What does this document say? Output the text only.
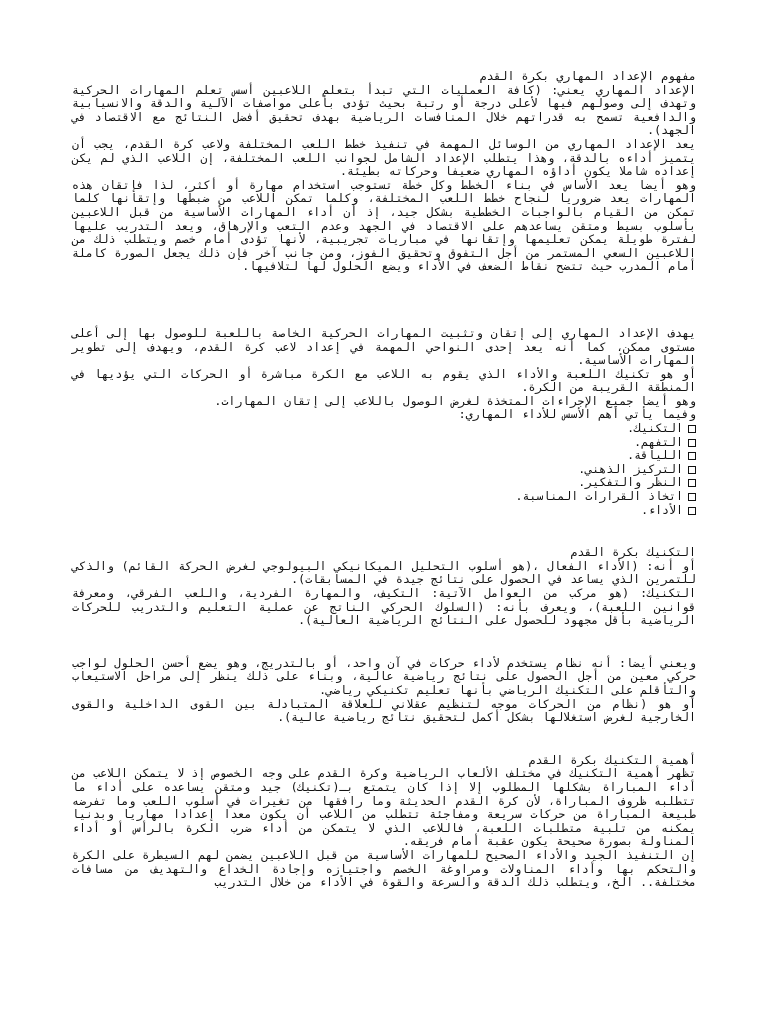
مفهوم الإعداد المهاري بكرة القدم
الإعداد المهاري يعني: (كافة العمليات التي تبدأ بتعلم اللاعبين أسس تعلم المهارات الحركية وتهدف إلى وصولهم فيها لأعلى درجة أو رتبة بحيث تؤدى بأعلى مواصفات الآلية والدقة والانسيابية والدافعية تسمح به قدراتهم خلال المنافسات الرياضية بهدف تحقيق أفضل النتائج مع الاقتصاد في الجهد).
يعد الإعداد المهاري من الوسائل المهمة في تنفيذ خطط اللعب المختلفة ولاعب كرة القدم، يجب أن يتميز أداءه بالدقة، وهذا يتطلب الإعداد الشامل لجوانب اللعب المختلفة، إن اللاعب الذي لم يكن إعداده شاملا يكون أداؤه المهاري ضعيفا وحركاته بطيئة.
وهو أيضا يعد الأساس في بناء الخطط وكل خطة تستوجب استخدام مهارة أو أكثر، لذا فإتقان هذه المهارات يعد ضروريا لنجاح خطط اللعب المختلفة، وكلما تمكن اللاعب من ضبطها وإتقانها كلما تمكن من القيام بالواجبات الخططية بشكل جيد، إذ أن أداء المهارات الأساسية من قبل اللاعبين بأسلوب بسيط ومتقن يساعدهم على الاقتصاد في الجهد وعدم التعب والإرهاق، ويعد التدريب عليها لفترة طويلة يمكن تعليمها وإتقانها في مباريات تجريبية، لأنها تؤدى أمام خصم ويتطلب ذلك من اللاعبين السعي المستمر من أجل التفوق وتحقيق الفوز، ومن جانب آخر فإن ذلك يجعل الصورة كاملة أمام المدرب حيث تتضح نقاط الضعف في الأداء ويضع الحلول لها لتلافيها.
يهدف الإعداد المهاري إلى إتقان وتثبيت المهارات الحركية الخاصة باللعبة للوصول بها إلى أعلى مستوى ممكن، كما أنه يعد إحدى النواحي المهمة في إعداد لاعب كرة القدم، ويهدف إلى تطوير المهارات الأساسية.
أو هو تكنيك اللعبة والأداء الذي يقوم به اللاعب مع الكرة مباشرة أو الحركات التي يؤديها في المنطقة القريبة من الكرة.
وهو أيضا جميع الإجراءات المتخذة لغرض الوصول باللاعب إلى إتقان المهارات.
وفيما يأتي أهم الأسس للأداء المهاري:
التكنيك.
التفهم.
اللياقة.
التركيز الذهني.
النظر والتفكير.
اتخاذ القرارات المناسبة.
الأداء.
التكنيك بكرة القدم
أو أنه: (الأداء الفعال ،(هو أسلوب التحليل الميكانيكي البيولوجي لغرض الحركة القائم) والذكي للتمرين الذي يساعد في الحصول على نتائج جيدة في المسابقات).
التكنيك: (هو مركب من العوامل الآتية: التكيف، والمهارة الفردية، واللعب الفرقي، ومعرفة قوانين اللعبة)، ويعرف بأنه: (السلوك الحركي الناتج عن عملية التعليم والتدريب للحركات الرياضية بأقل مجهود للحصول على النتائج الرياضية العالية).
ويعني أيضا: أنه نظام يستخدم لأداء حركات في آن واحد، أو بالتدريج، وهو يضع أحسن الحلول لواجب حركي معين من أجل الحصول على نتائج رياضية عالية، وبناء على ذلك ينظر إلى مراحل الاستيعاب والتأقلم على التكنيك الرياضي بأنها تعليم تكنيكي رياضي.
أو هو (نظام من الحركات موجه لتنظيم عقلاني للعلاقة المتبادلة بين القوى الداخلية والقوى الخارجية لغرض استغلالها بشكل أكمل لتحقيق نتائج رياضية عالية).
أهمية التكنيك بكرة القدم
تظهر أهمية التكنيك في مختلف الألعاب الرياضية وكرة القدم على وجه الخصوص إذ لا يتمكن اللاعب من أداء المباراة بشكلها المطلوب إلا إذا كان يتمتع بـ(تكنيك) جيد ومتقن يساعده على أداء ما تتطلبه ظروف المباراة، لأن كرة القدم الحديثة وما رافقها من تغيرات في أسلوب اللعب وما تفرضه طبيعة المباراة من حركات سريعة ومفاجئة تتطلب من اللاعب أن يكون معدا إعدادا مهاريا وبدنيا يمكنه من تلبية متطلبات اللعبة، فاللاعب الذي لا يتمكن من أداء ضرب الكرة بالرأس أو أداء المناولة بصورة صحيحة يكون عقبة أمام فريقه.
إن التنفيذ الجيد والأداء الصحيح للمهارات الأساسية من قبل اللاعبين يضمن لهم السيطرة على الكرة والتحكم بها وأداء المناولات ومراوغة الخصم واجتيازه وإجادة الخداع والتهديف من مسافات مختلفة.. الخ، ويتطلب ذلك الدقة والسرعة والقوة في الأداء من خلال التدريب
